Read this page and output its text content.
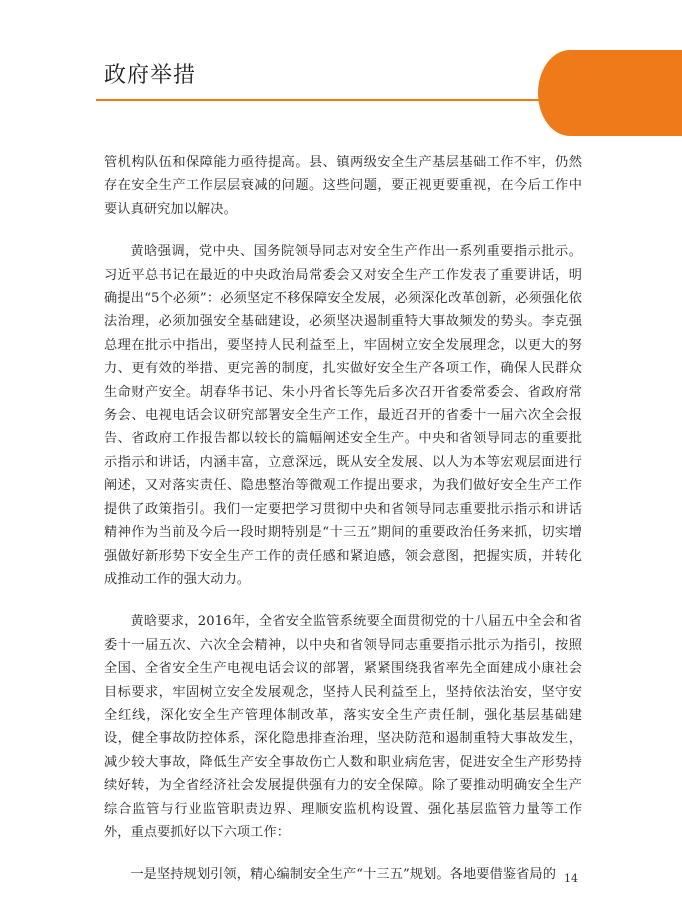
政府举措

管机构队伍和保障能力亟待提高。县、镇两级安全生产基层基础工作不牢，仍然存在安全生产工作层层衰减的问题。这些问题，要正视更要重视，在今后工作中要认真研究加以解决。

黄晗强调，党中央、国务院领导同志对安全生产作出一系列重要指示批示。习近平总书记在最近的中央政治局常委会又对安全生产工作发表了重要讲话，明确提出“5个必须”：必须坚定不移保障安全发展，必须深化改革创新，必须强化依法治理，必须加强安全基础建设，必须坚决遏制重特大事故频发的势头。李克强总理在批示中指出，要坚持人民利益至上，牢固树立安全发展理念，以更大的努力、更有效的举措、更完善的制度，扎实做好安全生产各项工作，确保人民群众生命财产安全。胡春华书记、朱小丹省长等先后多次召开省委常委会、省政府常务会、电视电话会议研究部署安全生产工作，最近召开的省委十一届六次全会报告、省政府工作报告都以较长的篇幅阐述安全生产。中央和省领导同志的重要批示指示和讲话，内涵丰富，立意深远，既从安全发展、以人为本等宏观层面进行阐述，又对落实责任、隐患整治等微观工作提出要求，为我们做好安全生产工作提供了政策指引。我们一定要把学习贯彻中央和省领导同志重要批示指示和讲话精神作为当前及今后一段时期特别是“十三五”期间的重要政治任务来抓，切实增强做好新形势下安全生产工作的责任感和紧迫感，领会意图，把握实质，并转化成推动工作的强大动力。

黄晗要求，2016年，全省安全监管系统要全面贯彻党的十八届五中全会和省委十一届五次、六次全会精神，以中央和省领导同志重要指示批示为指引，按照全国、全省安全生产电视电话会议的部署，紧紧围绕我省率先全面建成小康社会目标要求，牢固树立安全发展观念，坚持人民利益至上，坚持依法治安，坚守安全红线，深化安全生产管理体制改革，落实安全生产责任制，强化基层基础建设，健全事故防控体系，深化隐患排查治理，坚决防范和遏制重特大事故发生，减少较大事故，降低生产安全事故伤亡人数和职业病危害，促进安全生产形势持续好转，为全省经济社会发展提供强有力的安全保障。除了要推动明确安全生产综合监管与行业监管职责边界、理顺安监机构设置、强化基层监管力量等工作外，重点要抓好以下六项工作：

一是坚持规划引领，精心编制安全生产“十三五”规划。各地要借鉴省局的 14
